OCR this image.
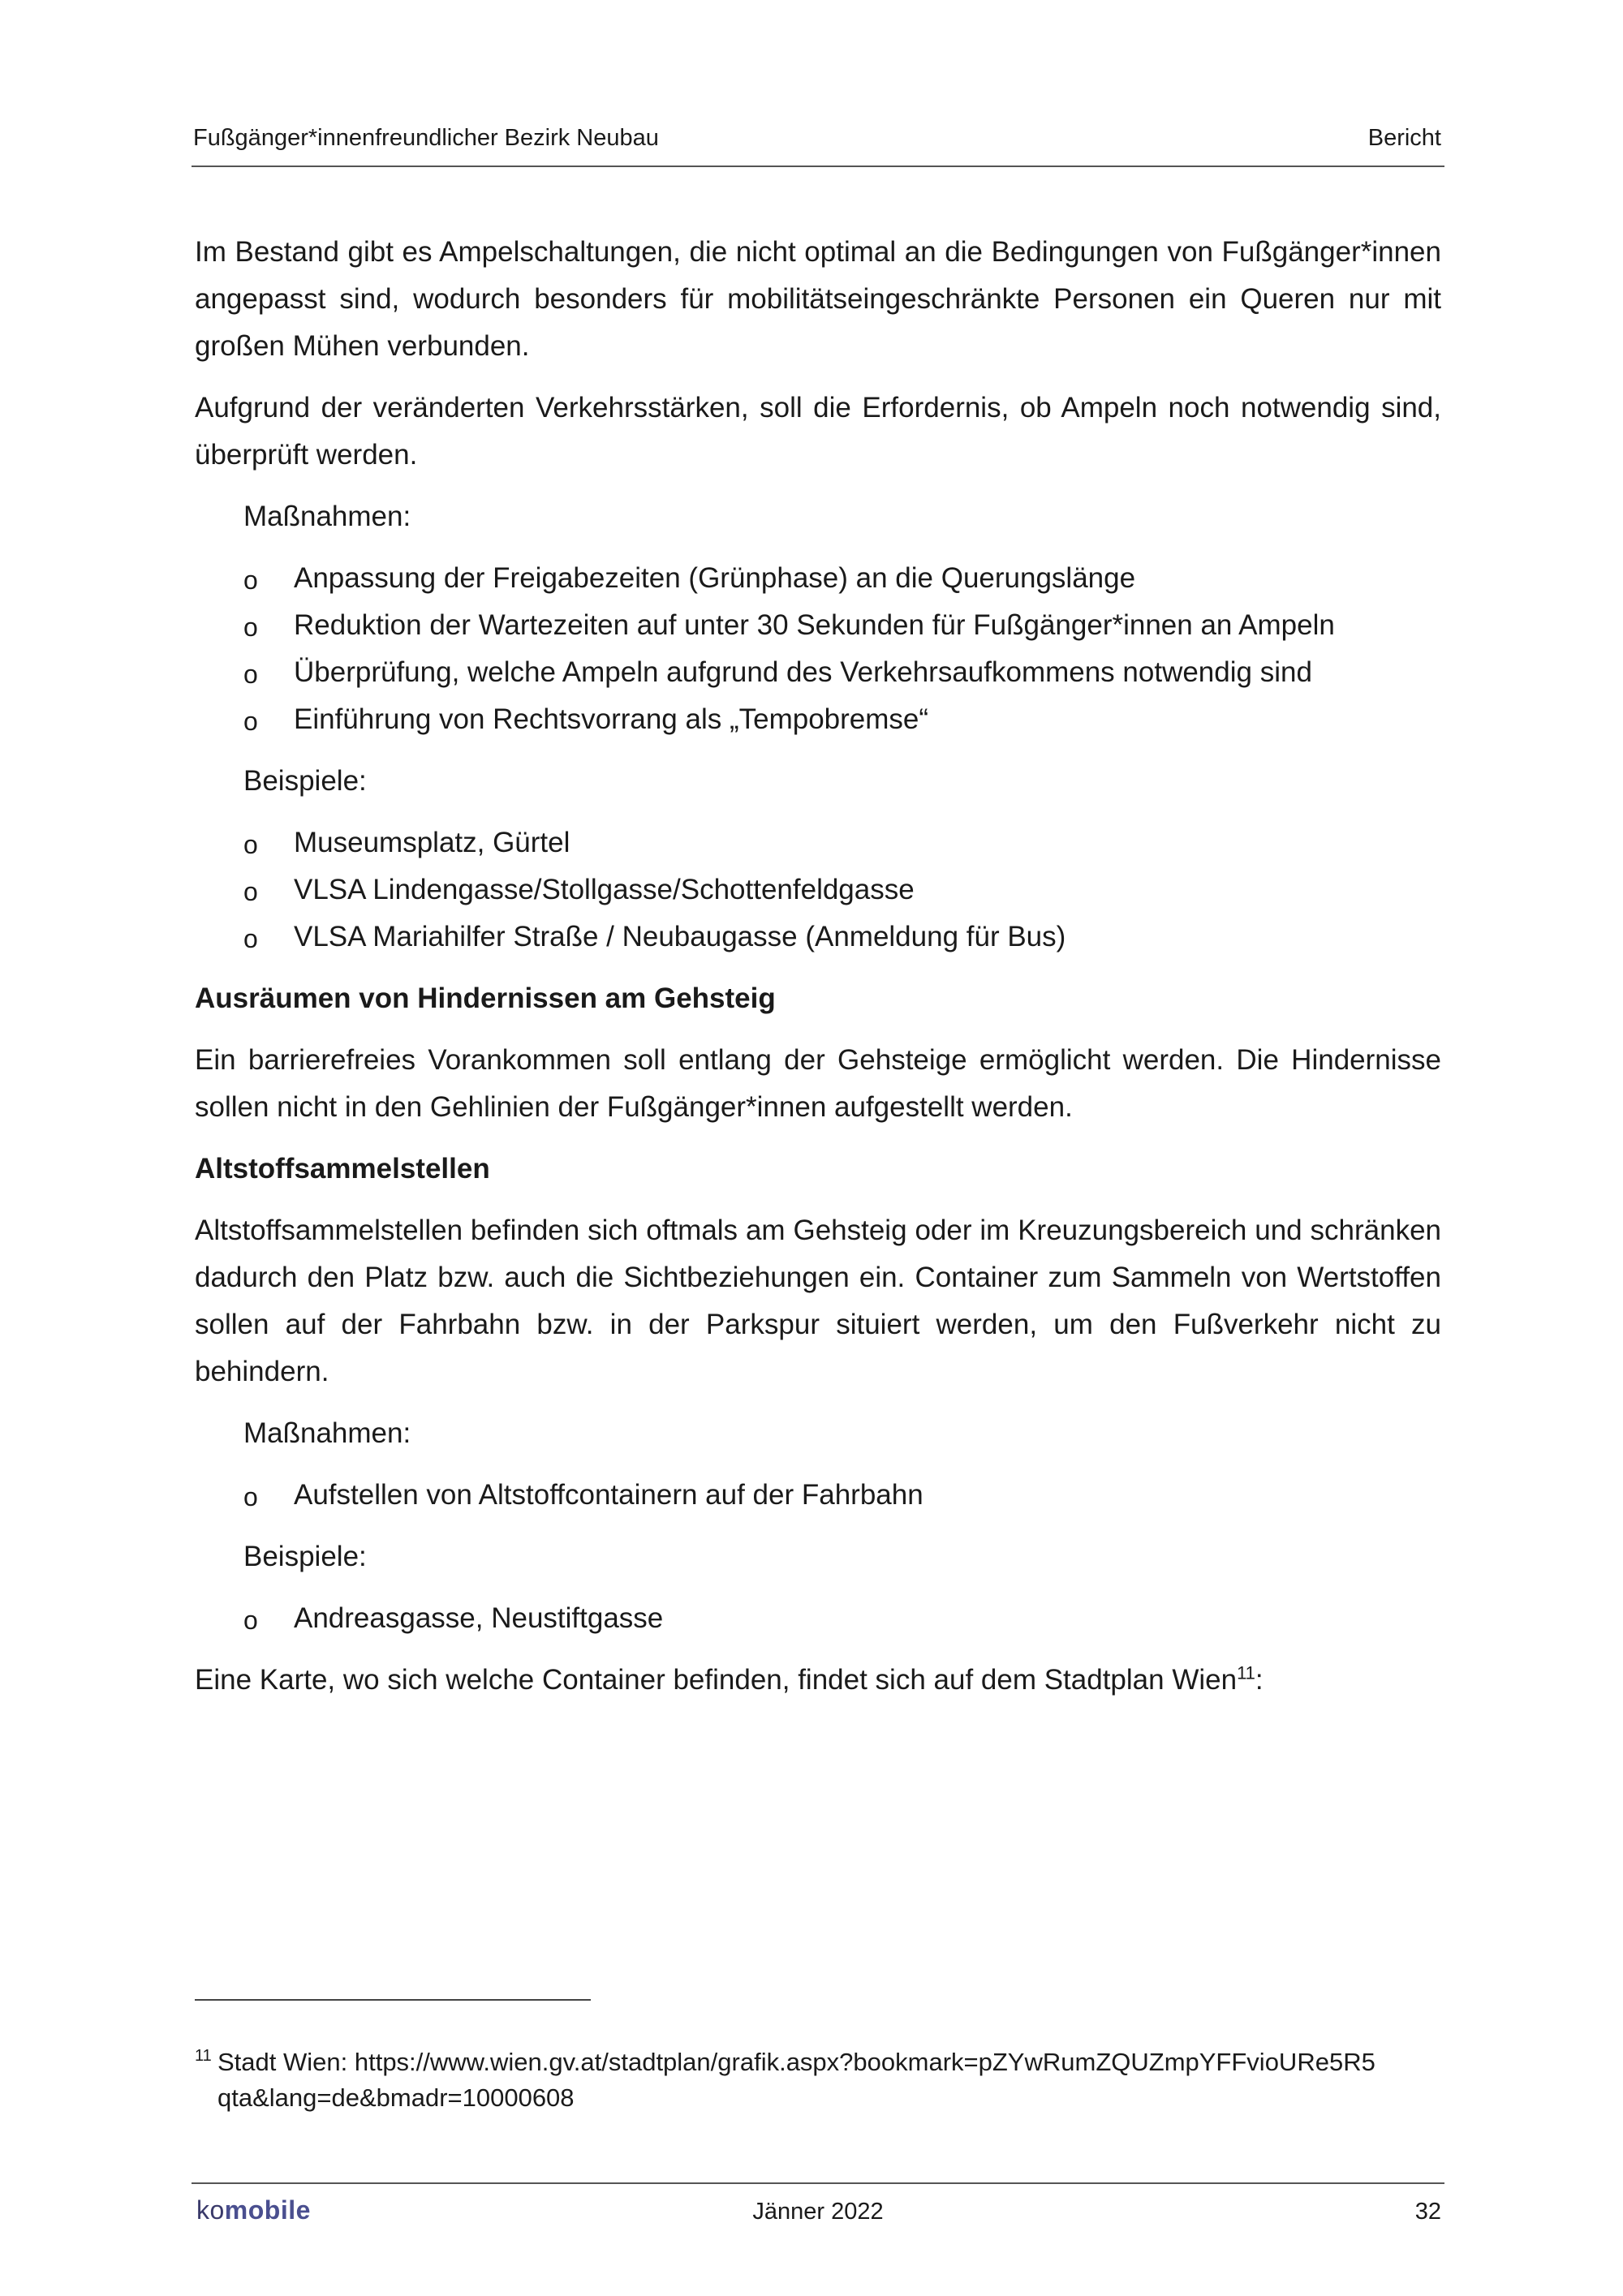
Fußgänger*innenfreundlicher Bezirk Neubau	Bericht

Im Bestand gibt es Ampelschaltungen, die nicht optimal an die Bedingungen von Fußgänger*innen angepasst sind, wodurch besonders für mobilitätseingeschränkte Personen ein Queren nur mit großen Mühen verbunden.

Aufgrund der veränderten Verkehrsstärken, soll die Erfordernis, ob Ampeln noch notwendig sind, überprüft werden.

Maßnahmen:

o Anpassung der Freigabezeiten (Grünphase) an die Querungslänge
o Reduktion der Wartezeiten auf unter 30 Sekunden für Fußgänger*innen an Ampeln
o Überprüfung, welche Ampeln aufgrund des Verkehrsaufkommens notwendig sind
o Einführung von Rechtsvorrang als „Tempobremse“

Beispiele:

o Museumsplatz, Gürtel
o VLSA Lindengasse/Stollgasse/Schottenfeldgasse
o VLSA Mariahilfer Straße / Neubaugasse (Anmeldung für Bus)

Ausräumen von Hindernissen am Gehsteig

Ein barrierefreies Vorankommen soll entlang der Gehsteige ermöglicht werden. Die Hindernisse sollen nicht in den Gehlinien der Fußgänger*innen aufgestellt werden.

Altstoffsammelstellen

Altstoffsammelstellen befinden sich oftmals am Gehsteig oder im Kreuzungsbereich und schränken dadurch den Platz bzw. auch die Sichtbeziehungen ein. Container zum Sammeln von Wertstoffen sollen auf der Fahrbahn bzw. in der Parkspur situiert werden, um den Fußverkehr nicht zu behindern.

Maßnahmen:

o Aufstellen von Altstoffcontainern auf der Fahrbahn

Beispiele:

o Andreasgasse, Neustiftgasse

Eine Karte, wo sich welche Container befinden, findet sich auf dem Stadtplan Wien$^{11}$:

11 Stadt Wien: https://www.wien.gv.at/stadtplan/grafik.aspx?bookmark=pZYwRumZQUZmpYFFvioURe5R5
qta&lang=de&bmadr=10000608
komobile	Jänner 2022	32
